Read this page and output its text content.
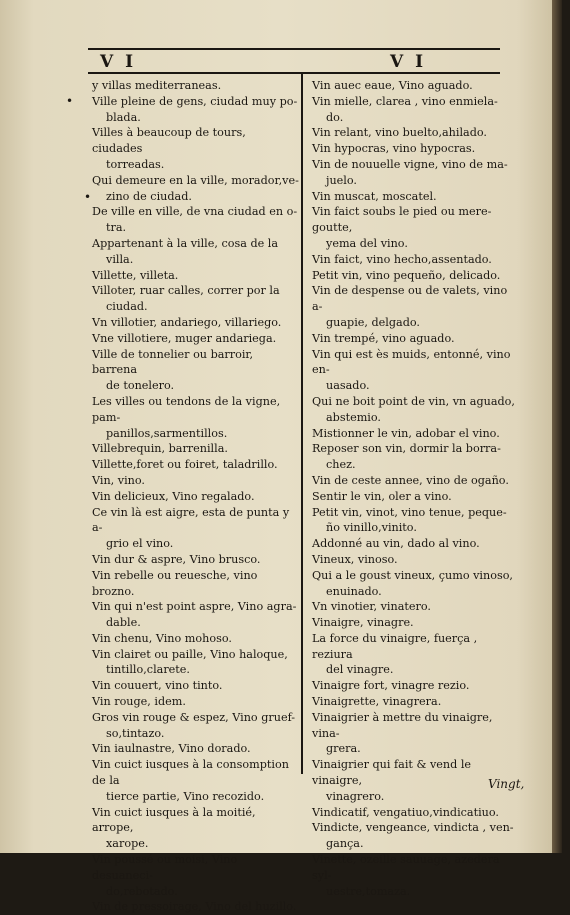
V I	V I
•
•

y villas mediterraneas.

Ville pleine de gens, ciudad muy po-

blada.

Villes à beaucoup de tours, ciudades

torreadas.

Qui demeure en la ville, morador,ve-

zino de ciudad.

De ville en ville, de vna ciudad en o-

tra.

Appartenant à la ville, cosa de la

villa.

Villette, villeta.

Villoter, ruar calles, correr por la

ciudad.

Vn villotier, andariego, villariego.

Vne villotiere, muger andariega.

Ville de tonnelier ou barroir, barrena

de tonelero.

Les villes ou tendons de la vigne, pam-

panillos,sarmentillos.

Villebrequin, barrenilla.

Villette,foret ou foiret, taladrillo.

Vin, vino.

Vin delicieux, Vino regalado.

Ce vin là est aigre, esta de punta y a-

grio el vino.

Vin dur & aspre, Vino brusco.

Vin rebelle ou reuesche, vino brozno.

Vin qui n'est point aspre, Vino agra-

dable.

Vin chenu, Vino mohoso.

Vin clairet ou paille, Vino haloque,

tintillo,clarete.

Vin couuert, vino tinto.

Vin rouge, idem.

Gros vin rouge & espez, Vino gruef-

so,tintazo.

Vin iaulnastre, Vino dorado.

Vin cuict iusques à la consomption de la

tierce partie, Vino recozido.

Vin cuict iusques à la moitié, arrope,

xarope.

Vin poussé ou moisi, Vino desuaneci-

do,rebotado.

Vin de pressoirage, Vino del huzillo.

Vin auec eaue, Vino aguado.

Vin mielle, clarea , vino enmiela-

do.

Vin relant, vino buelto,ahilado.

Vin hypocras, vino hypocras.

Vin de nouuelle vigne, vino de ma-

juelo.

Vin muscat, moscatel.

Vin faict soubs le pied ou mere-goutte,

yema del vino.

Vin faict, vino hecho,assentado.

Petit vin, vino pequeño, delicado.

Vin de despense ou de valets, vino a-

guapie, delgado.

Vin trempé, vino aguado.

Vin qui est ès muids, entonné, vino en-

uasado.

Qui ne boit point de vin, vn aguado,

abstemio.

Mistionner le vin, adobar el vino.

Reposer son vin, dormir la borra-

chez.

Vin de ceste annee, vino de ogaño.

Sentir le vin, oler a vino.

Petit vin, vinot, vino tenue, peque-

ño vinillo,vinito.

Addonné au vin, dado al vino.

Vineux, vinoso.

Qui a le goust vineux, çumo vinoso,

enuinado.

Vn vinotier, vinatero.

Vinaigre, vinagre.

La force du vinaigre, fuerça , reziura

del vinagre.

Vinaigre fort, vinagre rezio.

Vinaigrette, vinagrera.

Vinaigrier à mettre du vinaigre, vina-

grera.

Vinaigrier qui fait & vend le vinaigre,

vinagrero.

Vindicatif, vengatiuo,vindicatiuo.

Vindicte, vengeance, vindicta , ven-

gança.

Vinette, ozeille sauuage, azedera syl-

uestre,tomaza.

Vingt,
